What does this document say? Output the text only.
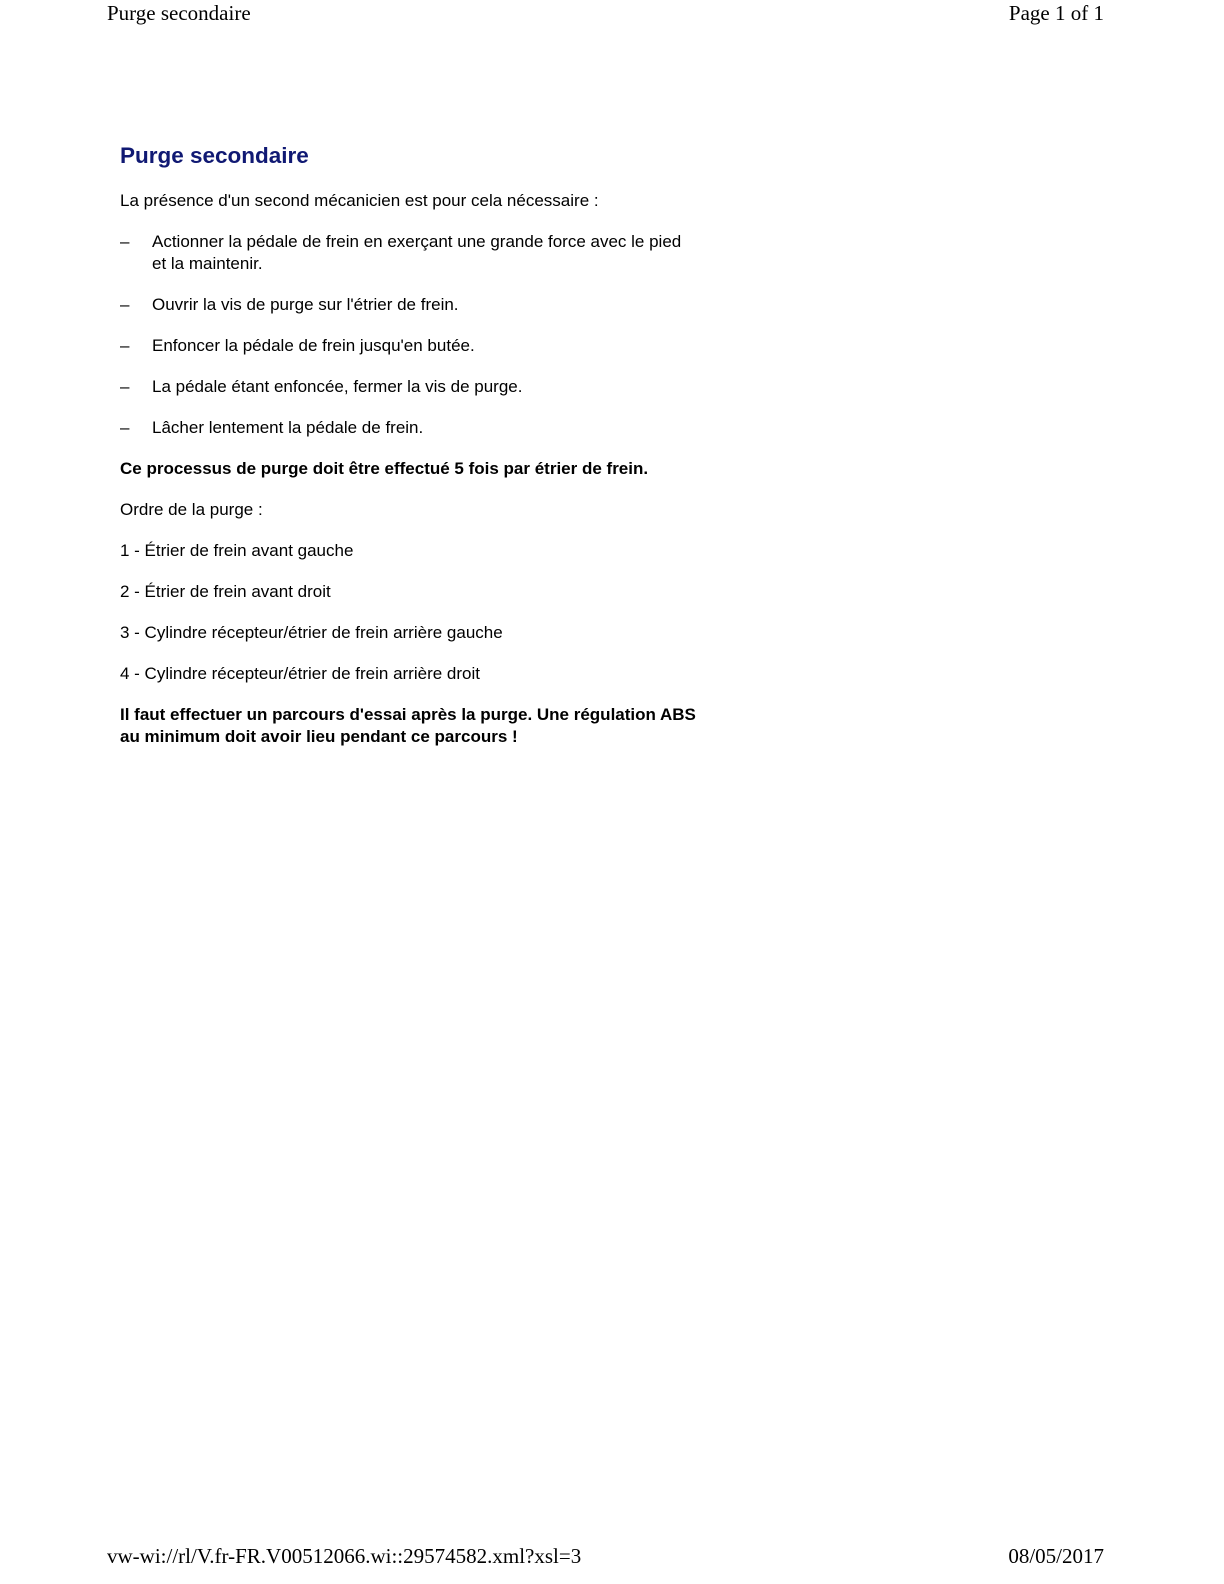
Purge secondaire	Page 1 of 1
Purge secondaire

La présence d'un second mécanicien est pour cela nécessaire :

–	Actionner la pédale de frein en exerçant une grande force avec le pied et la maintenir.
–	Ouvrir la vis de purge sur l'étrier de frein.
–	Enfoncer la pédale de frein jusqu'en butée.
–	La pédale étant enfoncée, fermer la vis de purge.
–	Lâcher lentement la pédale de frein.

Ce processus de purge doit être effectué 5 fois par étrier de frein.

Ordre de la purge :

1 - Étrier de frein avant gauche

2 - Étrier de frein avant droit

3 - Cylindre récepteur/étrier de frein arrière gauche

4 - Cylindre récepteur/étrier de frein arrière droit

Il faut effectuer un parcours d'essai après la purge. Une régulation ABS au minimum doit avoir lieu pendant ce parcours !

vw-wi://rl/V.fr-FR.V00512066.wi::29574582.xml?xsl=3	08/05/2017
